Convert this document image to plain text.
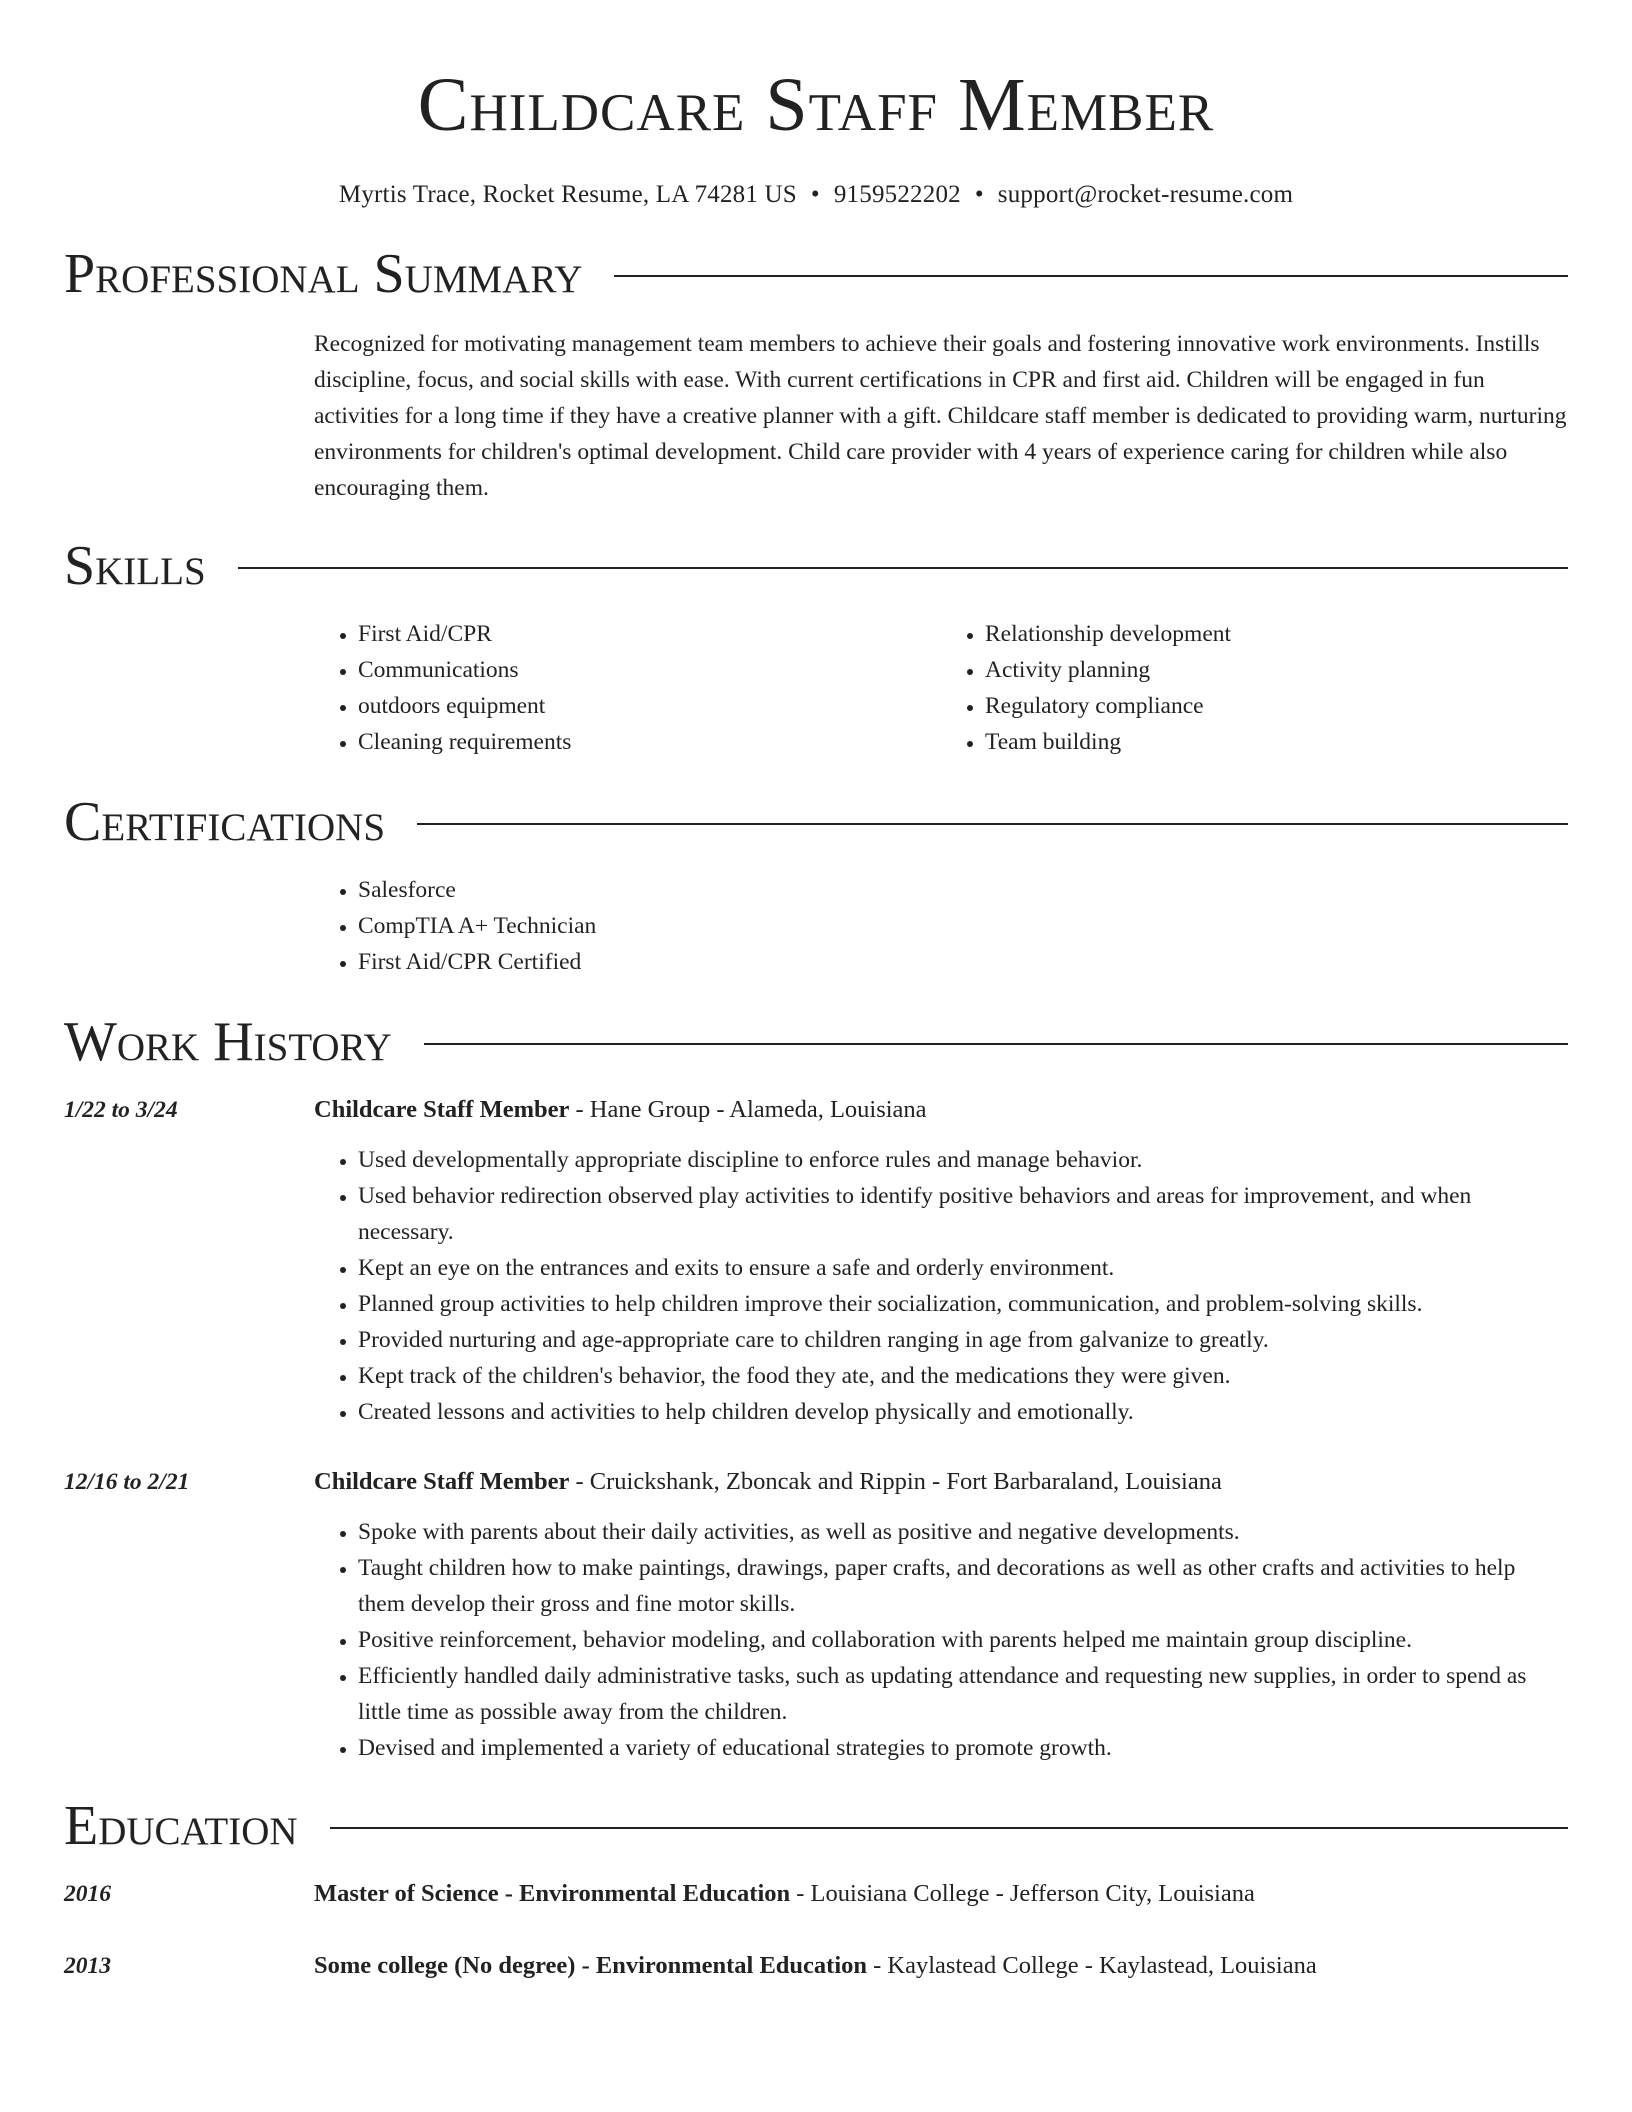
Childcare Staff Member
Myrtis Trace, Rocket Resume, LA 74281 US • 9159522202 • support@rocket-resume.com
Professional Summary
Recognized for motivating management team members to achieve their goals and fostering innovative work environments. Instills discipline, focus, and social skills with ease. With current certifications in CPR and first aid. Children will be engaged in fun activities for a long time if they have a creative planner with a gift. Childcare staff member is dedicated to providing warm, nurturing environments for children's optimal development. Child care provider with 4 years of experience caring for children while also encouraging them.
Skills
• First Aid/CPR
• Communications
• outdoors equipment
• Cleaning requirements
• Relationship development
• Activity planning
• Regulatory compliance
• Team building
Certifications
• Salesforce
• CompTIA A+ Technician
• First Aid/CPR Certified
Work History
1/22 to 3/24	Childcare Staff Member - Hane Group - Alameda, Louisiana
• Used developmentally appropriate discipline to enforce rules and manage behavior.
• Used behavior redirection observed play activities to identify positive behaviors and areas for improvement, and when necessary.
• Kept an eye on the entrances and exits to ensure a safe and orderly environment.
• Planned group activities to help children improve their socialization, communication, and problem-solving skills.
• Provided nurturing and age-appropriate care to children ranging in age from galvanize to greatly.
• Kept track of the children's behavior, the food they ate, and the medications they were given.
• Created lessons and activities to help children develop physically and emotionally.
12/16 to 2/21	Childcare Staff Member - Cruickshank, Zboncak and Rippin - Fort Barbaraland, Louisiana
• Spoke with parents about their daily activities, as well as positive and negative developments.
• Taught children how to make paintings, drawings, paper crafts, and decorations as well as other crafts and activities to help them develop their gross and fine motor skills.
• Positive reinforcement, behavior modeling, and collaboration with parents helped me maintain group discipline.
• Efficiently handled daily administrative tasks, such as updating attendance and requesting new supplies, in order to spend as little time as possible away from the children.
• Devised and implemented a variety of educational strategies to promote growth.
Education
2016	Master of Science - Environmental Education - Louisiana College - Jefferson City, Louisiana
2013	Some college (No degree) - Environmental Education - Kaylastead College - Kaylastead, Louisiana
